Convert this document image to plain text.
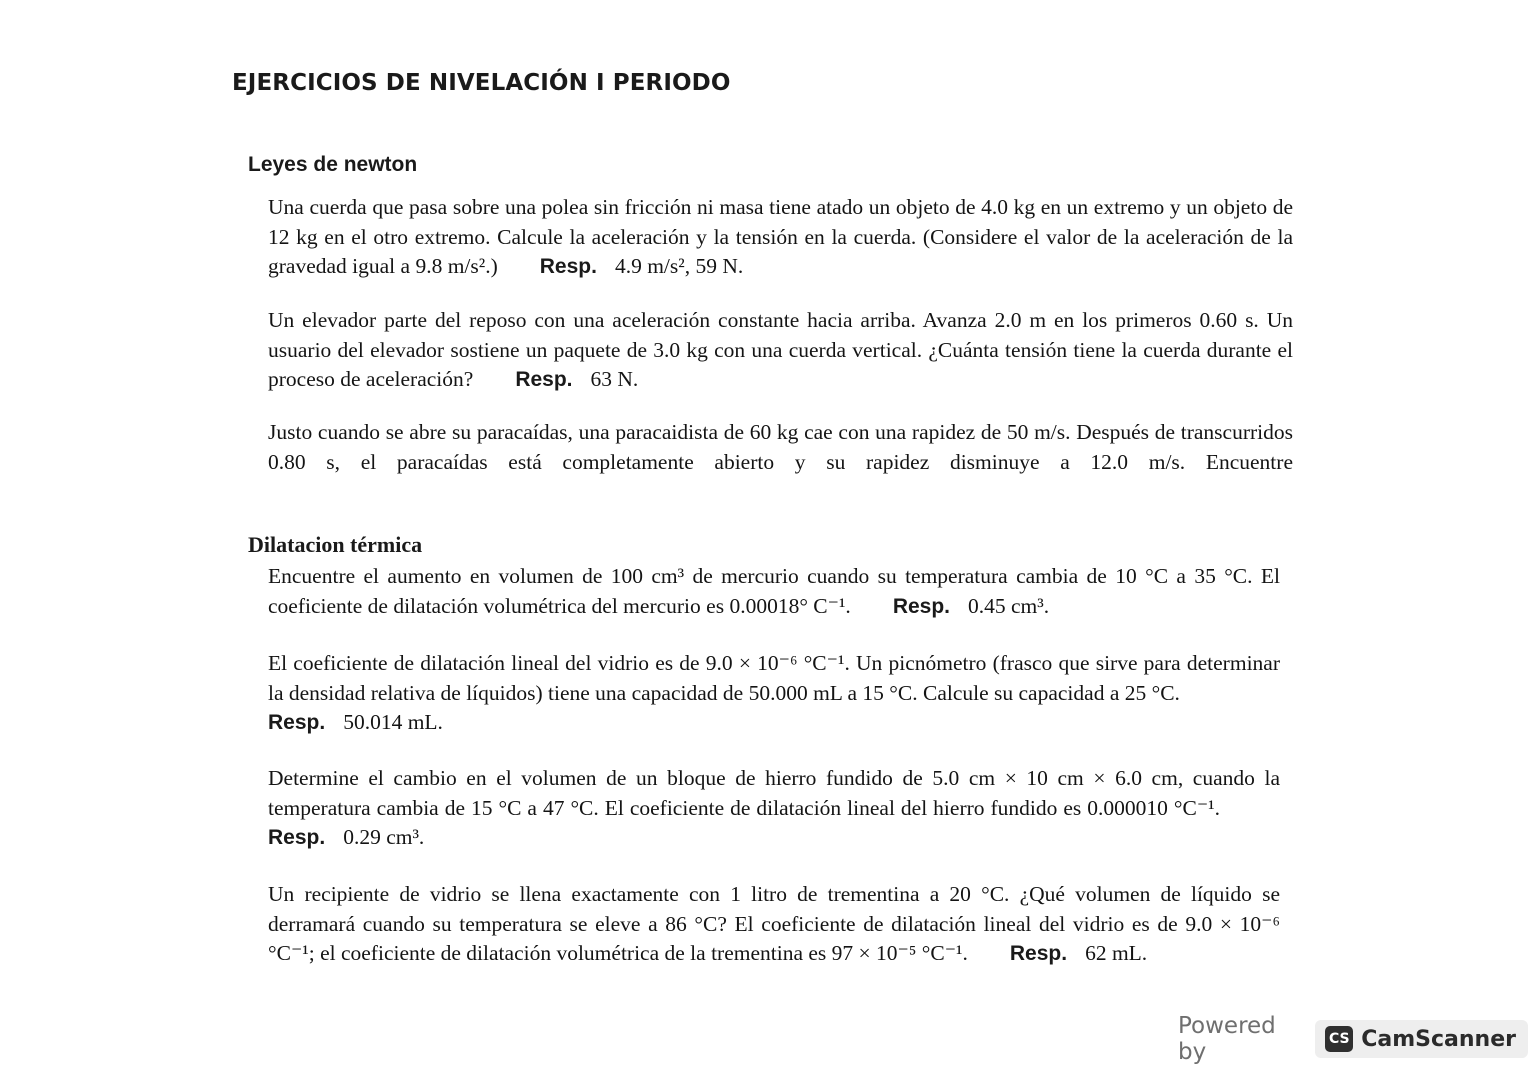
EJERCICIOS DE NIVELACIÓN I PERIODO
Leyes de newton

Una cuerda que pasa sobre una polea sin fricción ni masa tiene atado un objeto de 4.0 kg en un extremo y un objeto de 12 kg en el otro extremo. Calcule la aceleración y la tensión en la cuerda. (Considere el valor de la aceleración de la gravedad igual a 9.8 m/s².) Resp. 4.9 m/s², 59 N.

Un elevador parte del reposo con una aceleración constante hacia arriba. Avanza 2.0 m en los primeros 0.60 s. Un usuario del elevador sostiene un paquete de 3.0 kg con una cuerda vertical. ¿Cuánta tensión tiene la cuerda durante el proceso de aceleración? Resp. 63 N.

Justo cuando se abre su paracaídas, una paracaidista de 60 kg cae con una rapidez de 50 m/s. Después de transcurridos 0.80 s, el paracaídas está completamente abierto y su rapidez disminuye a 12.0 m/s. Encuentre

Dilatacion térmica

Encuentre el aumento en volumen de 100 cm³ de mercurio cuando su temperatura cambia de 10 °C a 35 °C. El coeficiente de dilatación volumétrica del mercurio es 0.00018° C⁻¹. Resp. 0.45 cm³.

El coeficiente de dilatación lineal del vidrio es de 9.0 × 10⁻⁶ °C⁻¹. Un picnómetro (frasco que sirve para determinar la densidad relativa de líquidos) tiene una capacidad de 50.000 mL a 15 °C. Calcule su capacidad a 25 °C.
Resp. 50.014 mL.

Determine el cambio en el volumen de un bloque de hierro fundido de 5.0 cm × 10 cm × 6.0 cm, cuando la temperatura cambia de 15 °C a 47 °C. El coeficiente de dilatación lineal del hierro fundido es 0.000010 °C⁻¹.Resp. 0.29 cm³.

Un recipiente de vidrio se llena exactamente con 1 litro de trementina a 20 °C. ¿Qué volumen de líquido se derramará cuando su temperatura se eleve a 86 °C? El coeficiente de dilatación lineal del vidrio es de 9.0 × 10⁻⁶ °C⁻¹; el coeficiente de dilatación volumétrica de la trementina es 97 × 10⁻⁵ °C⁻¹. Resp. 62 mL.

Powered by	CS CamScanner
